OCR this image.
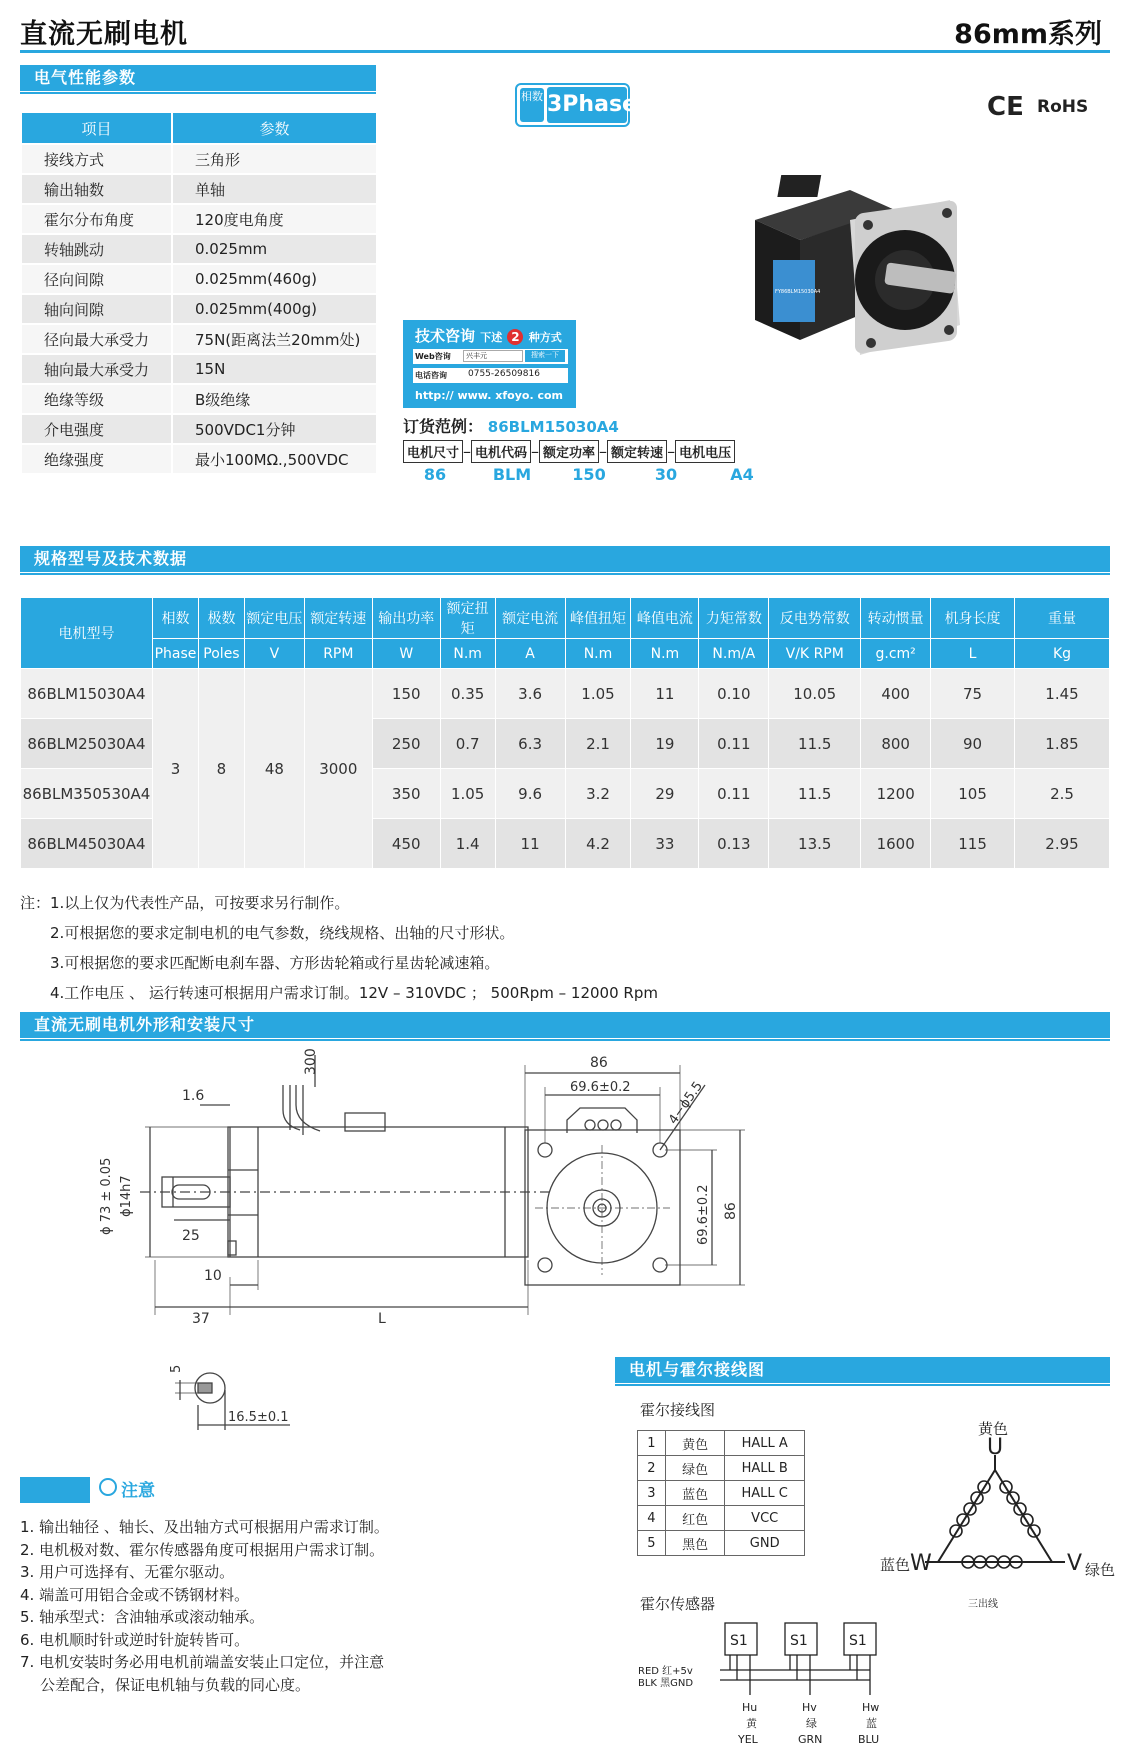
直流无刷电机	86mm系列
电气性能参数
项目	参数
接线方式	三角形
输出轴数	单轴
霍尔分布角度	120度电角度
转轴跳动	0.025mm
径向间隙	0.025mm(460g)
轴向间隙	0.025mm(400g)
径向最大承受力	75N(距离法兰20mm处)
轴向最大承受力	15N
绝缘等级	B级绝缘
介电强度	500VDC1分钟
绝缘强度	最小100MΩ.,500VDC
相数 3Phase	CE RoHS
FY86BLM15030A4
技术咨询 下述 2 种方式
Web咨询	兴丰元	搜索一下
电话咨询 0755-26509816
http:// www. xfoyo. com
订货范例： 86BLM15030A4
电机尺寸 – 电机代码 – 额定功率 – 额定转速 – 电机电压
86	BLM	150	30	A4
规格型号及技术数据
电机型号	相数	极数	额定电压	额定转速	输出功率	额定扭矩	额定电流	峰值扭矩	峰值电流	力矩常数	反电势常数	转动惯量	机身长度	重量
	Phase	Poles	V	RPM	W	N.m	A	N.m	N.m	N.m/A	V/K RPM	g.cm²	L	Kg
86BLM15030A4	3	8	48	3000	150	0.35	3.6	1.05	11	0.10	10.05	400	75	1.45
86BLM25030A4					250	0.7	6.3	2.1	19	0.11	11.5	800	90	1.85
86BLM350530A4					350	1.05	9.6	3.2	29	0.11	11.5	1200	105	2.5
86BLM45030A4					450	1.4	11	4.2	33	0.13	13.5	1600	115	2.95
注：1.以上仅为代表性产品，可按要求另行制作。
2.可根据您的要求定制电机的电气参数，绕线规格、出轴的尺寸形状。
3.可根据您的要求匹配断电刹车器、方形齿轮箱或行星齿轮减速箱。
4.工作电压 、 运行转速可根据用户需求订制。12V – 310VDC ； 500Rpm – 12000 Rpm
直流无刷电机外形和安装尺寸
300
1.6
ϕ 73 ± 0.05 ϕ14h7
25
10
37	L
5
16.5±0.1
86
69.6±0.2	4−ϕ5.5
69.6±0.2 86
电机与霍尔接线图
霍尔接线图
1	黄色	HALL A
2	绿色	HALL B
3	蓝色	HALL C
4	红色	VCC
5	黑色	GND
黄色
U
W	V
蓝色	绿色
三出线
霍尔传感器
S1	S1	S1
RED 红+5v
BLK 黑GND
Hu
黄
YEL
Hv
绿
GRN
Hw
蓝
BLU
注意
1. 输出轴径 、轴长、及出轴方式可根据用户需求订制。
2. 电机极对数、霍尔传感器角度可根据用户需求订制。
3. 用户可选择有、无霍尔驱动。
4. 端盖可用铝合金或不锈钢材料。
5. 轴承型式：含油轴承或滚动轴承。
6. 电机顺时针或逆时针旋转皆可。
7. 电机安装时务必用电机前端盖安装止口定位，并注意
公差配合，保证电机轴与负载的同心度。
